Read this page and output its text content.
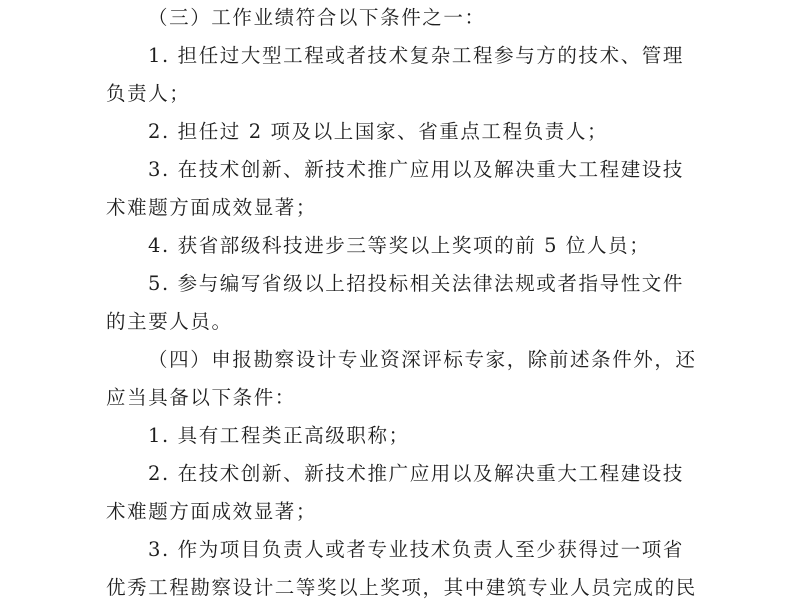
（三）工作业绩符合以下条件之一：
1. 担任过大型工程或者技术复杂工程参与方的技术、管理
负责人；
2. 担任过 2 项及以上国家、省重点工程负责人；
3. 在技术创新、新技术推广应用以及解决重大工程建设技
术难题方面成效显著；
4. 获省部级科技进步三等奖以上奖项的前 5 位人员；
5. 参与编写省级以上招投标相关法律法规或者指导性文件
的主要人员。
（四）申报勘察设计专业资深评标专家，除前述条件外，还
应当具备以下条件：
1. 具有工程类正高级职称；
2. 在技术创新、新技术推广应用以及解决重大工程建设技
术难题方面成效显著；
3. 作为项目负责人或者专业技术负责人至少获得过一项省
优秀工程勘察设计二等奖以上奖项，其中建筑专业人员完成的民
